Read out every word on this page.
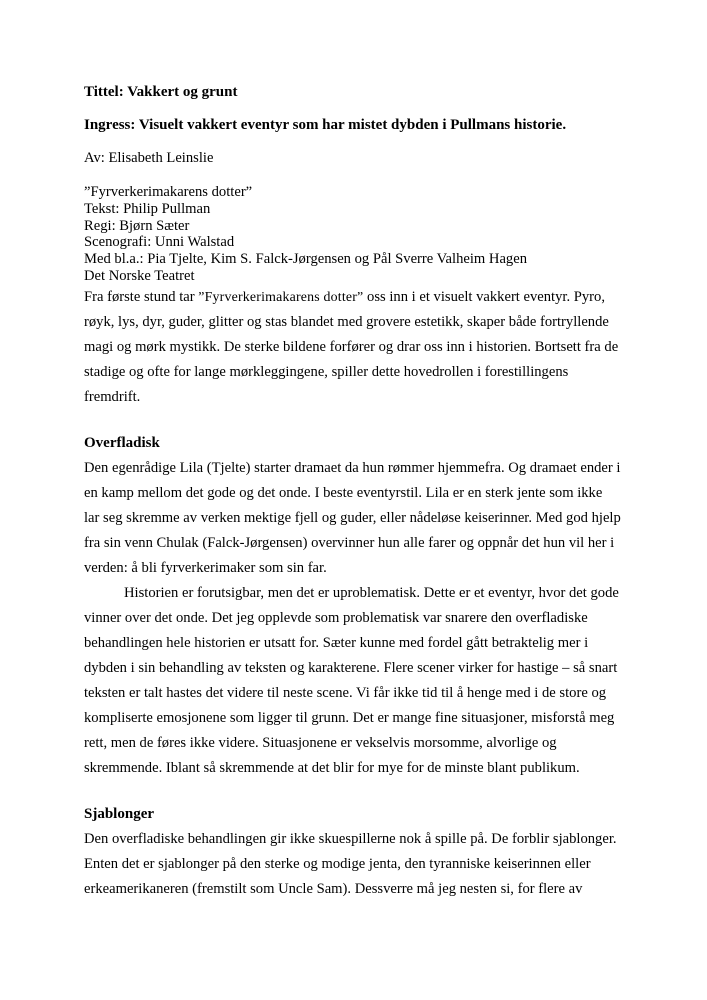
Tittel: Vakkert og grunt

Ingress: Visuelt vakkert eventyr som har mistet dybden i Pullmans historie.

Av: Elisabeth Leinslie
”Fyrverkerimakarens dotter”
Tekst: Philip Pullman
Regi: Bjørn Sæter
Scenografi: Unni Walstad
Med bl.a.: Pia Tjelte, Kim S. Falck-Jørgensen og Pål Sverre Valheim Hagen
Det Norske Teatret

Fra første stund tar ”Fyrverkerimakarens dotter” oss inn i et visuelt vakkert eventyr. Pyro, røyk, lys, dyr, guder, glitter og stas blandet med grovere estetikk, skaper både fortryllende magi og mørk mystikk. De sterke bildene forfører og drar oss inn i historien. Bortsett fra de stadige og ofte for lange mørkleggingene, spiller dette hovedrollen i forestillingens fremdrift.

Overfladisk

Den egenrådige Lila (Tjelte) starter dramaet da hun rømmer hjemmefra. Og dramaet ender i en kamp mellom det gode og det onde. I beste eventyrstil. Lila er en sterk jente som ikke lar seg skremme av verken mektige fjell og guder, eller nådeløse keiserinner. Med god hjelp fra sin venn Chulak (Falck-Jørgensen) overvinner hun alle farer og oppnår det hun vil her i verden: å bli fyrverkerimaker som sin far.

Historien er forutsigbar, men det er uproblematisk. Dette er et eventyr, hvor det gode vinner over det onde. Det jeg opplevde som problematisk var snarere den overfladiske behandlingen hele historien er utsatt for. Sæter kunne med fordel gått betraktelig mer i dybden i sin behandling av teksten og karakterene. Flere scener virker for hastige – så snart teksten er talt hastes det videre til neste scene. Vi får ikke tid til å henge med i de store og kompliserte emosjonene som ligger til grunn. Det er mange fine situasjoner, misforstå meg rett, men de føres ikke videre. Situasjonene er vekselvis morsomme, alvorlige og skremmende. Iblant så skremmende at det blir for mye for de minste blant publikum.

Sjablonger

Den overfladiske behandlingen gir ikke skuespillerne nok å spille på. De forblir sjablonger. Enten det er sjablonger på den sterke og modige jenta, den tyranniske keiserinnen eller erkeamerikaneren (fremstilt som Uncle Sam). Dessverre må jeg nesten si, for flere av
